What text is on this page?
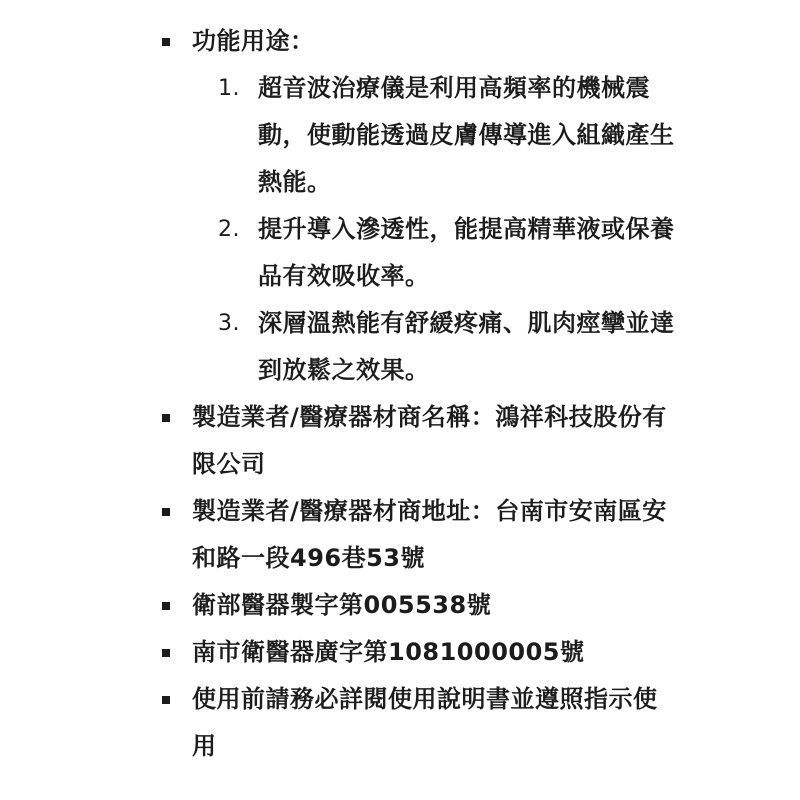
功能用途：
1. 超音波治療儀是利用高頻率的機械震動，使動能透過皮膚傳導進入組織產生熱能。
2. 提升導入滲透性，能提高精華液或保養品有效吸收率。
3. 深層溫熱能有舒緩疼痛、肌肉痙攣並達到放鬆之效果。
製造業者/醫療器材商名稱：鴻祥科技股份有限公司
製造業者/醫療器材商地址：台南市安南區安和路一段496巷53號
衛部醫器製字第005538號
南市衛醫器廣字第1081000005號
使用前請務必詳閱使用說明書並遵照指示使用
